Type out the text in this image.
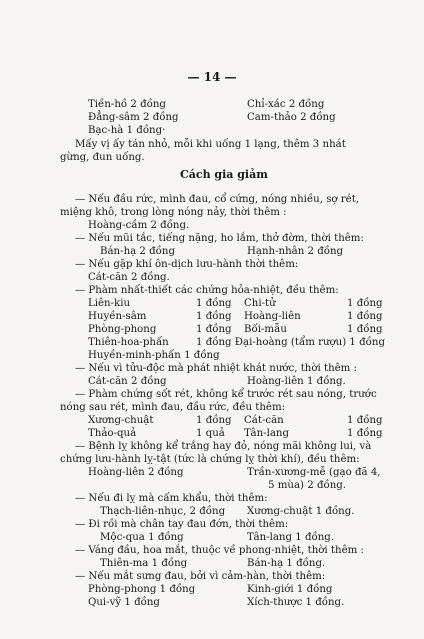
— 14 —
Cách gia giảm
Tiền-hồ 2 đồng	Chỉ-xác 2 đồng
Đẳng-sâm 2 đồng	Cam-thảo 2 đồng
Bạc-hà 1 đồng·
Mấy vị ấy tán nhỏ, mỗi khi uống 1 lạng, thêm 3 nhát
gừng, đun uống.
— Nếu đầu rức, mình đau, cổ cứng, nóng nhiều, sợ rét,
miệng khô, trong lòng nóng nảy, thời thêm :
Hoàng-cầm 2 đồng.
— Nếu mũi tắc, tiếng nặng, ho lắm, thở đờm, thời thêm:
Bán-hạ 2 đồng	Hạnh-nhân 2 đồng
— Nếu gặp khí ôn-dịch lưu-hành thời thêm:
Cát-căn 2 đồng.
— Phàm nhất-thiết các chứng hỏa-nhiệt, đều thêm:
Liên-kiu	1 đồng Chi-tử	1 đồng
Huyền-sâm	1 đồng Hoàng-liên	1 đồng
Phòng-phong	1 đồng Bối-mẫu	1 đồng
Thiên-hoa-phấn	1 đồng Đại-hoàng (tẩm rượu) 1 đồng
Huyền-minh-phấn 1 đồng
— Nếu vì tửu-độc mà phát nhiệt khát nước, thời thêm :
Cát-căn 2 đồng	Hoàng-liên 1 đồng.
— Phàm chứng sốt rét, không kể trước rét sau nóng, trước
nóng sau rét, mình đau, đầu rức, đều thêm:
Xương-chuật	1 đồng Cát-căn	1 đồng
Thảo-quả	1 quả Tân-lang	1 đồng
— Bệnh lỵ không kể trắng hay đỏ, nóng mãi không lui, và
chứng lưu-hành lỵ-tật (tức là chứng lỵ thời khí), đều thêm:
Hoàng-liên 2 đồng	Trần-xương-mễ (gạo đã 4,
5 mùa) 2 đồng.
— Nếu đi lỵ mà cấm khẩu, thời thêm:
Thạch-liên-nhục, 2 đồng Xương-chuật 1 đồng.
— Đi rồi mà chân tay đau đớn, thời thêm:
Mộc-qua 1 đồng	Tân-lang 1 đồng.
— Váng đầu, hoa mắt, thuộc về phong-nhiệt, thời thêm :
Thiên-ma 1 đồng	Bán-hạ 1 đồng.
— Nếu mắt sưng đau, bởi vì cảm-hàn, thời thêm:
Phòng-phong 1 đồng	Kinh-giới 1 đồng
Qui-vỹ 1 đồng	Xích-thược 1 đồng.
